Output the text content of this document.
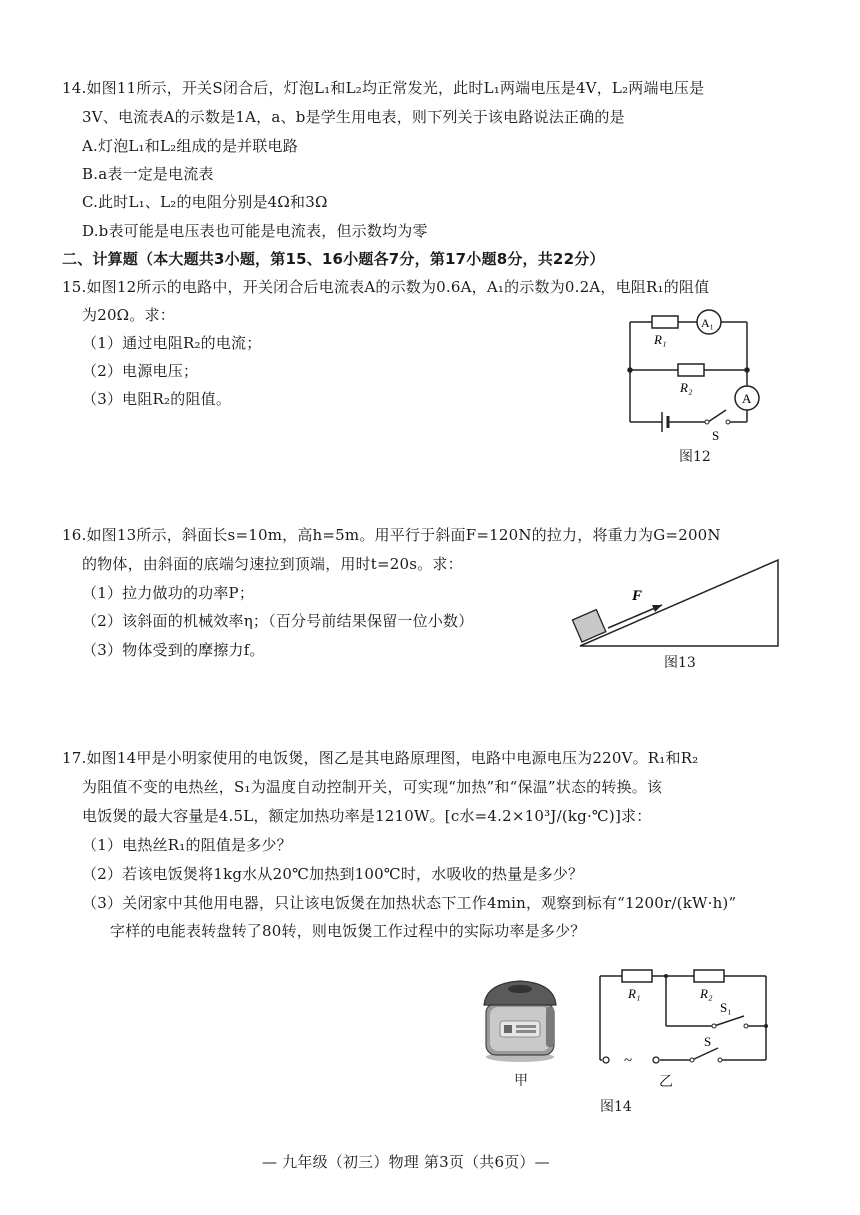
14.如图11所示，开关S闭合后，灯泡L₁和L₂均正常发光，此时L₁两端电压是4V，L₂两端电压是
3V、电流表A的示数是1A，a、b是学生用电表，则下列关于该电路说法正确的是
A.灯泡L₁和L₂组成的是并联电路
B.a表一定是电流表
C.此时L₁、L₂的电阻分别是4Ω和3Ω
D.b表可能是电压表也可能是电流表，但示数均为零
二、计算题（本大题共3小题，第15、16小题各7分，第17小题8分，共22分）
15.如图12所示的电路中，开关闭合后电流表A的示数为0.6A，A₁的示数为0.2A，电阻R₁的阻值
为20Ω。求：
（1）通过电阻R₂的电流；
（2）电源电压；
（3）电阻R₂的阻值。
R₁
R₂
A₁
A
S
图12
16.如图13所示，斜面长s=10m，高h=5m。用平行于斜面F=120N的拉力，将重力为G=200N
的物体，由斜面的底端匀速拉到顶端，用时t=20s。求：
（1）拉力做功的功率P；
（2）该斜面的机械效率η；（百分号前结果保留一位小数）
（3）物体受到的摩擦力f。
F
图13
17.如图14甲是小明家使用的电饭煲，图乙是其电路原理图，电路中电源电压为220V。R₁和R₂
为阻值不变的电热丝，S₁为温度自动控制开关，可实现“加热”和“保温”状态的转换。该
电饭煲的最大容量是4.5L，额定加热功率是1210W。[c水=4.2×10³J/(kg·℃)]求：
（1）电热丝R₁的阻值是多少？
（2）若该电饭煲将1kg水从20℃加热到100℃时，水吸收的热量是多少？
（3）关闭家中其他用电器，只让该电饭煲在加热状态下工作4min，观察到标有“1200r/(kW·h)”
字样的电能表转盘转了80转，则电饭煲工作过程中的实际功率是多少？
甲
R₁	R₂
S₁
S
~
乙
图14
— 九年级（初三）物理 第3页（共6页）—
